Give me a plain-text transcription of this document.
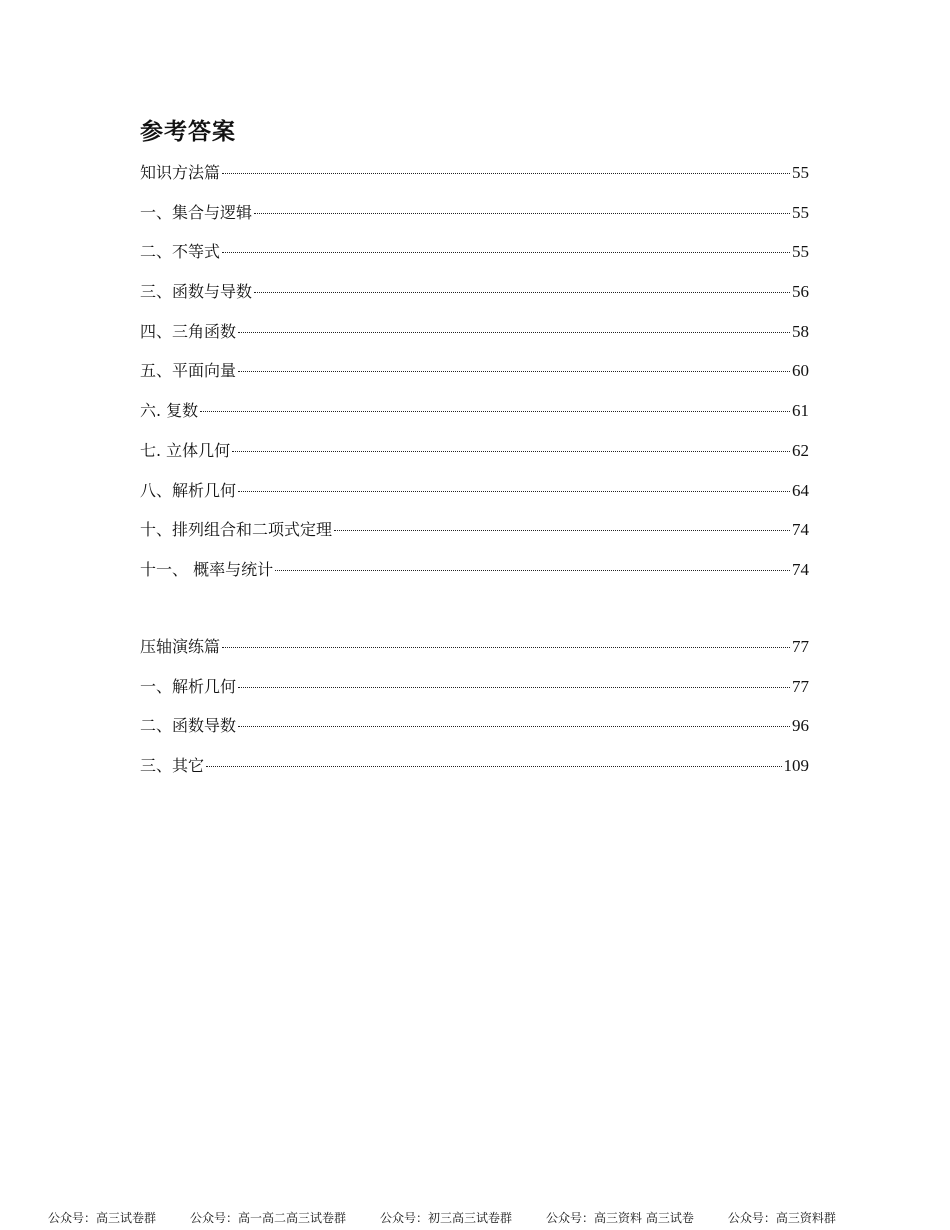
参考答案
知识方法篇	55
一、集合与逻辑	55
二、不等式	55
三、函数与导数	56
四、三角函数	58
五、平面向量	60
六. 复数	61
七. 立体几何	62
八、解析几何	64
十、排列组合和二项式定理	74
十一、 概率与统计	74
压轴演练篇	77
一、解析几何	77
二、函数导数	96
三、其它	109
公众号：高三试卷群	公众号：高一高二高三试卷群	公众号：初三高三试卷群	公众号：高三资料 高三试卷	公众号：高三资料群
